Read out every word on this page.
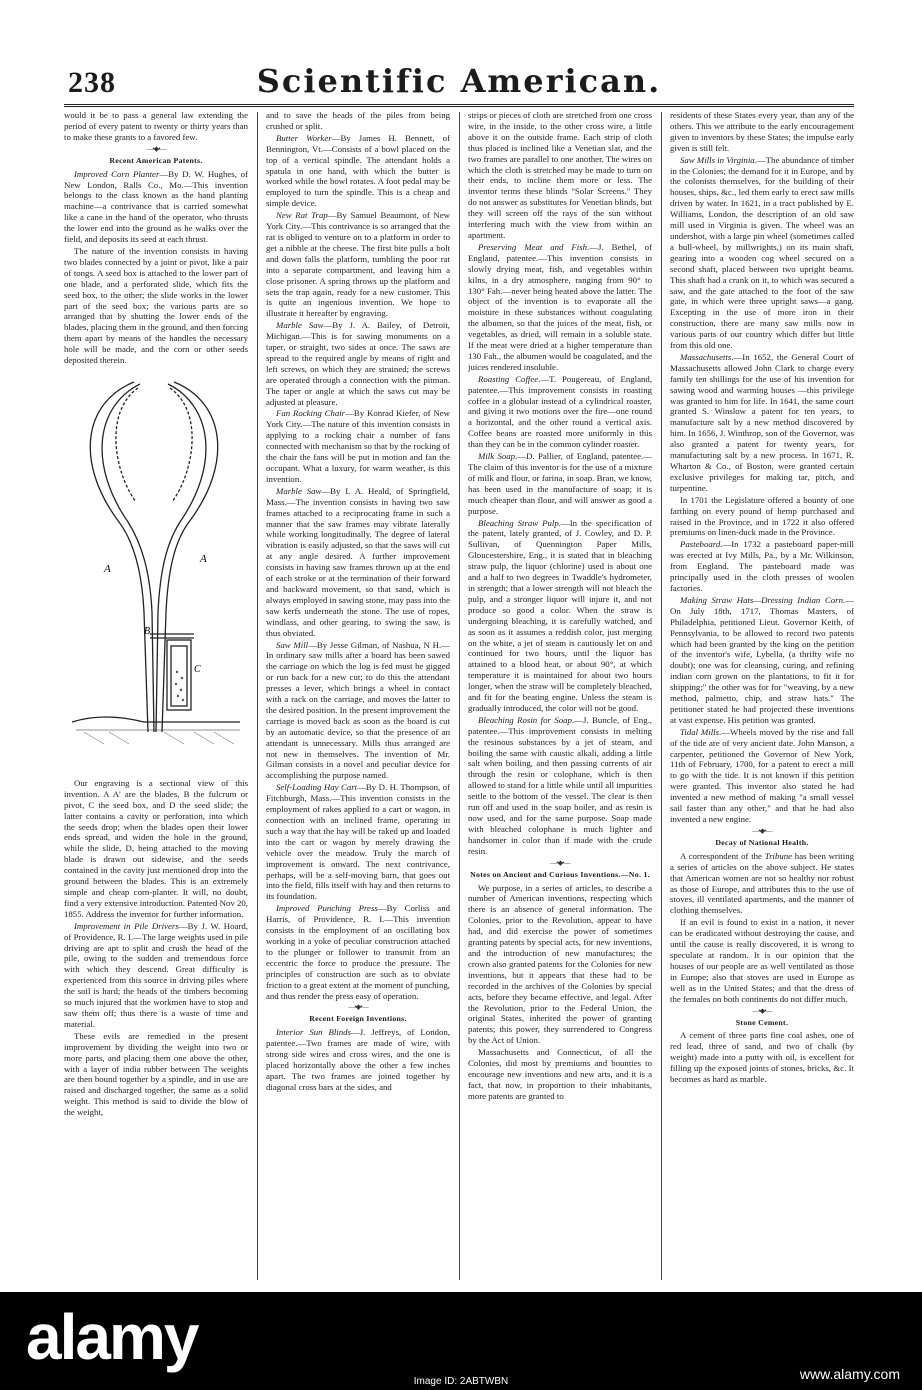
238	Scientific American.

would it be to pass a general law extending the period of every patent to twenty or thirty years than to make these grants to a favored few.

—•◆•—
Recent American Patents.

Improved Corn Planter—By D. W. Hughes, of New London, Ralls Co., Mo.—This invention belongs to the class known as the hand planting machine—a contrivance that is carried somewhat like a cane in the hand of the operator, who thrusts the lower end into the ground as he walks over the field, and deposits its seed at each thrust.

The nature of the invention consists in having two blades connected by a joint or pivot, like a pair of tongs. A seed box is attached to the lower part of one blade, and a perforated slide, which fits the seed box, to the other; the slide works in the lower part of the seed box; the various parts are so arranged that by shutting the lower ends of the blades, placing them in the ground, and then forcing them apart by means of the handles the necessary hole will be made, and the corn or other seeds deposited therein.

A
A
B
C

Our engraving is a sectional view of this invention. A A' are the blades, B the fulcrum or pivot, C the seed box, and D the seed slide; the latter contains a cavity or perforation, into which the seeds drop; when the blades open their lower ends spread, and widen the hole in the ground, while the slide, D, being attached to the moving blade is drawn out sidewise, and the seeds contained in the cavity just mentioned drop into the ground between the blades. This is an extremely simple and cheap corn-planter. It will, no doubt, find a very extensive introduction. Patented Nov 20, 1855. Address the inventor for further information.

Improvement in Pile Drivers—By J. W. Hoard, of Providence, R. I.—The large weights used in pile driving are apt to split and crush the head of the pile, owing to the sudden and tremendous force with which they descend. Great difficulty is experienced from this source in driving piles where the soil is hard; the heads of the timbers becoming so much injured that the workmen have to stop and saw them off; thus there is a waste of time and material.

These evils are remedied in the present improvement by dividing the weight into two or more parts, and placing them one above the other, with a layer of india rubber between The weights are then bound together by a spindle, and in use are raised and discharged together, the same as a solid weight. This method is said to divide the blow of the weight,

and to save the heads of the piles from being crushed or split.

Butter Worker—By James H. Bennett, of Bennington, Vt.—Consists of a bowl placed on the top of a vertical spindle. The attendant holds a spatula in one hand, with which the butter is worked while the bowl rotates. A foot pedal may be employed to turn the spindle. This is a cheap and simple device.

New Rat Trap—By Samuel Beaumont, of New York City.—This contrivance is so arranged that the rat is obliged to venture on to a platform in order to get a nibble at the cheese. The first bite pulls a bolt and down falls the platform, tumbling the poor rat into a separate compartment, and leaving him a close prisoner. A spring throws up the platform and sets the trap again, ready for a new customer. This is quite an ingenious invention. We hope to illustrate it hereafter by engraving.

Marble Saw—By J. A. Bailey, of Detroit, Michigan.—This is for sawing monuments on a taper, or straight, two sides at once. The saws are spread to the required angle by means of right and left screws, on which they are strained; the screws are operated through a connection with the pitman. The taper or angle at which the saws cut may be adjusted at pleasure.

Fan Rocking Chair—By Konrad Kiefer, of New York City.—The nature of this invention consists in applying to a rocking chair a number of fans connected with mechanism so that by the rocking of the chair the fans will be put in motion and fan the occupant. What a luxury, for warm weather, is this invention.

Marble Saw—By I. A. Heald, of Springfield, Mass.—The invention consists in having two saw frames attached to a reciprocating frame in such a manner that the saw frames may vibrate laterally while working longitudinally. The degree of lateral vibration is easily adjusted, so that the saws will cut at any angle desired. A further improvement consists in having saw frames thrown up at the end of each stroke or at the termination of their forward and backward movement, so that sand, which is always employed in sawing stone, may pass into the saw kerfs underneath the stone. The use of ropes, windlass, and other gearing, to swing the saw, is thus obviated.

Saw Mill—By Jesse Gilman, of Nashua, N H.—In ordinary saw mills after a board has been sawed the carriage on which the log is fed must be gigged or run back for a new cut; to do this the attendant presses a lever, which brings a wheel in contact with a rack on the carriage, and moves the latter to the desired position. In the present improvement the carriage is moved back as soon as the board is cut by an automatic device, so that the presence of an attendant is unnecessary. Mills thus arranged are not new in themselves. The invention of Mr. Gilman consists in a novel and peculiar device for accomplishing the purpose named.

Self-Loading Hay Cart—By D. H. Thompson, of Fitchburgh, Mass.—This invention consists in the employment of rakes applied to a cart or wagon, in connection with an inclined frame, operating in such a way that the hay will be raked up and loaded into the cart or wagon by merely drawing the vehicle over the meadow. Truly the march of improvement is onward. The next contrivance, perhaps, will be a self-moving barn, that goes out into the field, fills itself with hay and then returns to its foundation.

Improved Punching Press—By Corliss and Harris, of Providence, R. I.—This invention consists in the employment of an oscillating box working in a yoke of peculiar construction attached to the plunger or follower to transmit from an eccentric the force to produce the pressure. The principles of construction are such as to obviate friction to a great extent at the moment of punching, and thus render the press easy of operation.

—•◆•—
Recent Foreign Inventions.

Interior Sun Blinds—J. Jeffreys, of London, patentee.—Two frames are made of wire, with strong side wires and cross wires, and the one is placed horizontally above the other a few inches apart. The two frames are joined together by diagonal cross bars at the sides, and

strips or pieces of cloth are stretched from one cross wire, in the inside, to the other cross wire, a little above it on the outside frame. Each strip of cloth thus placed is inclined like a Venetian slat, and the two frames are parallel to one another. The wires on which the cloth is stretched may be made to turn on their ends, to incline them more or less. The inventor terms these blinds "Solar Screens." They do not answer as substitutes for Venetian blinds, but they will screen off the rays of the sun without interfering much with the view from within an apartment.

Preserving Meat and Fish.—J. Bethel, of England, patentee.—This invention consists in slowly drying meat, fish, and vegetables within kilns, in a dry atmosphere, ranging from 90° to 130° Fah.—never being heated above the latter. The object of the invention is to evaporate all the moisture in these substances without coagulating the albumen, so that the juices of the meat, fish, or vegetables, as dried, will remain in a soluble state. If the meat were dried at a higher temperature than 130 Fah., the albumen would be coagulated, and the juices rendered insoluble.

Roasting Coffee.—T. Pougereau, of England, patentee.—This improvement consists in roasting coffee in a globular instead of a cylindrical roaster, and giving it two motions over the fire—one round a horizontal, and the other round a vertical axis. Coffee beans are roasted more uniformly in this than they can be in the common cylinder roaster.

Milk Soap.—D. Pallier, of England, patentee.—The claim of this inventor is for the use of a mixture of milk and flour, or farina, in soap. Bran, we know, has been used in the manufacture of soap; it is much cheaper than flour, and will answer as good a purpose.

Bleaching Straw Pulp.—In the specification of the patent, lately granted, of J. Cowley, and D. P. Sullivan, of Quennington Paper Mills, Gloucestershire, Eng., it is stated that in bleaching straw pulp, the liquor (chlorine) used is about one and a half to two degrees in Twaddle's hydrometer, in strength; that a lower strength will not bleach the pulp, and a stronger liquor will injure it, and not produce so good a color. When the straw is undergoing bleaching, it is carefully watched, and as soon as it assumes a reddish color, just merging on the white, a jet of steam is cautiously let on and continued for two hours, until the liquor has attained to a blood heat, or about 90°, at which temperature it is maintained for about two hours longer, when the straw will be completely bleached, and fit for the beating engine. Unless the steam is gradually introduced, the color will not be good.

Bleaching Rosin for Soap.—J. Buncle, of Eng., patentee.—This improvement consists in melting the resinous substances by a jet of steam, and boiling the same with caustic alkali, adding a little salt when boiling, and then passing currents of air through the resin or colophane, which is then allowed to stand for a little while until all impurities settle to the bottom of the vessel. The clear is then run off and used in the soap boiler, and as resin is now used, and for the same purpose. Soap made with bleached colophane is much lighter and handsomer in color than if made with the crude resin.

—•◆•—
Notes on Ancient and Curious Inventions.—No. 1.

We purpose, in a series of articles, to describe a number of American inventions, respecting which there is an absence of general information. The Colonies, prior to the Revolution, appear to have had, and did exercise the power of sometimes granting patents by special acts, for new inventions, and the introduction of new manufactures; the crown also granted patents for the Colonies for new inventions, but it appears that these had to be recorded in the archives of the Colonies by special acts, before they became effective, and legal. After the Revolution, prior to the Federal Union, the original States, inherited the power of granting patents; this power, they surrendered to Congress by the Act of Union.

Massachusetts and Connecticut, of all the Colonies, did most by premiums and bounties to encourage new inventions and new arts, and it is a fact, that now, in proportion to their inhabitants, more patents are granted to

residents of these States every year, than any of the others. This we attribute to the early encouragement given to inventors by these States; the impulse early given is still felt.

Saw Mills in Virginia.—The abundance of timber in the Colonies; the demand for it in Europe, and by the colonists themselves, for the building of their houses, ships, &c., led them early to erect saw mills driven by water. In 1621, in a tract published by E. Williams, London, the description of an old saw mill used in Virginia is given. The wheel was an undershot, with a large pin wheel (sometimes called a bull-wheel, by millwrights,) on its main shaft, gearing into a wooden cog wheel secured on a second shaft, placed between two upright beams. This shaft had a crank on it, to which was secured a saw, and the gate attached to the foot of the saw gate, in which were three upright saws—a gang. Excepting in the use of more iron in their construction, there are many saw mills now in various parts of our country which differ but little from this old one.

Massachusetts.—In 1652, the General Court of Massachusetts allowed John Clark to charge every family ten shillings for the use of his invention for sawing wood and warming houses —this privilege was granted to him for life. In 1641, the same court granted S. Winslow a patent for ten years, to manufacture salt by a new method discovered by him. In 1656, J. Winthrop, son of the Governor, was also granted a patent for twenty years, for manufacturing salt by a new process. In 1671, R. Wharton & Co., of Boston, were granted certain exclusive privileges for making tar, pitch, and turpentine.

In 1701 the Legislature offered a bounty of one farthing on every pound of hemp purchased and raised in the Province, and in 1722 it also offered premiums on linen-duck made in the Province.

Pasteboard.—In 1732 a pasteboard paper-mill was erected at Ivy Mills, Pa., by a Mr. Wilkinson, from England. The pasteboard made was principally used in the cloth presses of woolen factories.

Making Straw Hats—Dressing Indian Corn.—On July 18th, 1717, Thomas Masters, of Philadelphia, petitioned Lieut. Governor Keith, of Pennsylvania, to be allowed to record two patents which had been granted by the king on the petition of the inventor's wife, Lybella, (a thrifty wife no doubt); one was for cleansing, curing, and refining indian corn grown on the plantations, to fit it for shipping;" the other was for for "weaving, by a new method, palmetto, chip, and straw hats." The petitioner stated he had projected these inventions at vast expense. His petition was granted.

Tidal Mills.—Wheels moved by the rise and fall of the tide are of very ancient date. John Manson, a carpenter, petitioned the Governor of New York, 11th of February, 1700, for a patent to erect a mill to go with the tide. It is not known if this petition were granted. This inventor also stated he had invented a new method of making "a small vessel sail faster than any other," and that he had also invented a new engine.

—•◆•—
Decay of National Health.

A correspondent of the Tribune has been writing a series of articles on the above subject. He states that American women are not so healthy nor robust as those of Europe, and attributes this to the use of stoves, ill ventilated apartments, and the manner of clothing themselves.

If an evil is found to exist in a nation, it never can be eradicated without destroying the cause, and until the cause is really discovered, it is wrong to speculate at random. It is our opinion that the houses of our people are as well ventilated as those in Europe; also that stoves are used in Europe as well as in the United States; and that the dress of the females on both continents do not differ much.

—•◆•—
Stone Cement.

A cement of three parts fine coal ashes, one of red lead, three of sand, and two of chalk (by weight) made into a putty with oil, is excellent for filling up the exposed joints of stones, bricks, &c. It becomes as hard as marble.

alamy
www.alamy.com
Image ID: 2ABTWBN
